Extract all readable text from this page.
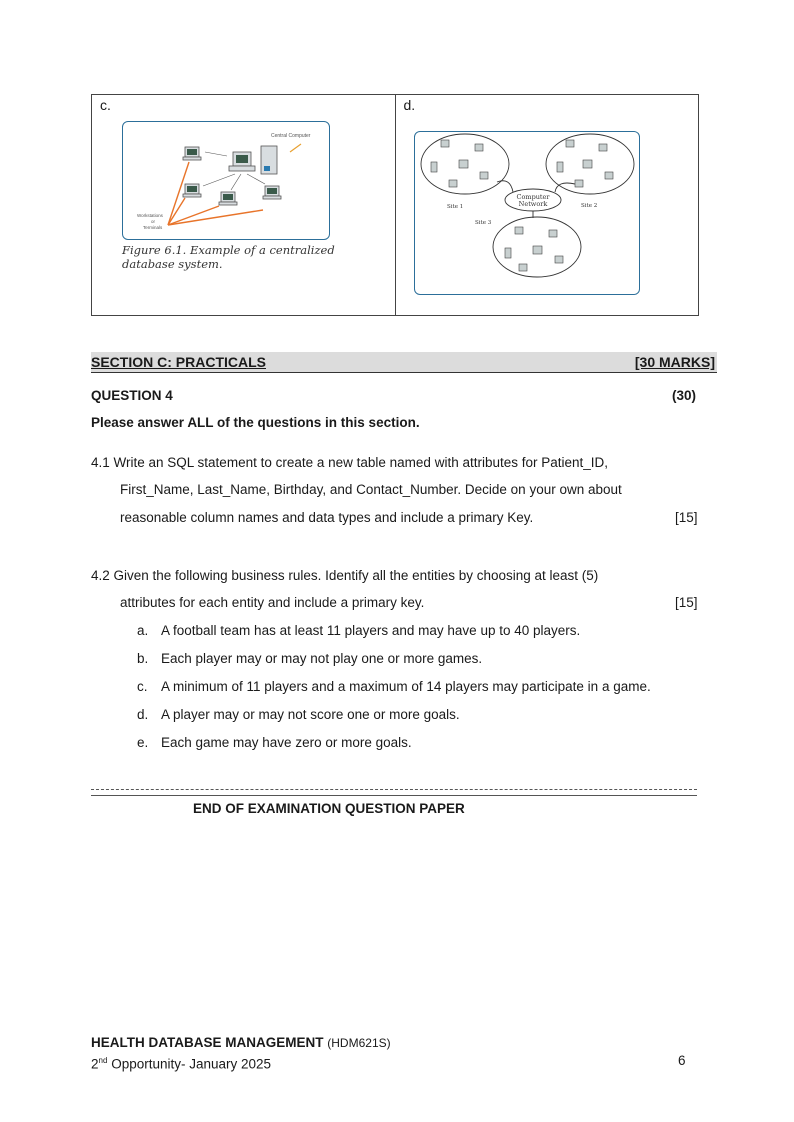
c.
Central Computer
Workstations
or
Terminals
Figure 6.1. Example of a centralized
database system.
d.
Computer
Network
Site 1	Site 2
Site 3
SECTION C: PRACTICALS	[30 MARKS]
QUESTION 4	(30)
Please answer ALL of the questions in this section.
4.1 Write an SQL statement to create a new table named with attributes for Patient_ID,
First_Name, Last_Name, Birthday, and Contact_Number. Decide on your own about
reasonable column names and data types and include a primary Key.	[15]
4.2 Given the following business rules. Identify all the entities by choosing at least (5)
attributes for each entity and include a primary key.	[15]
a. A football team has at least 11 players and may have up to 40 players.
b. Each player may or may not play one or more games.
c. A minimum of 11 players and a maximum of 14 players may participate in a game.
d. A player may or may not score one or more goals.
e. Each game may have zero or more goals.
END OF EXAMINATION QUESTION PAPER
HEALTH DATABASE MANAGEMENT (HDM621S)
2nd Opportunity- January 2025	6
